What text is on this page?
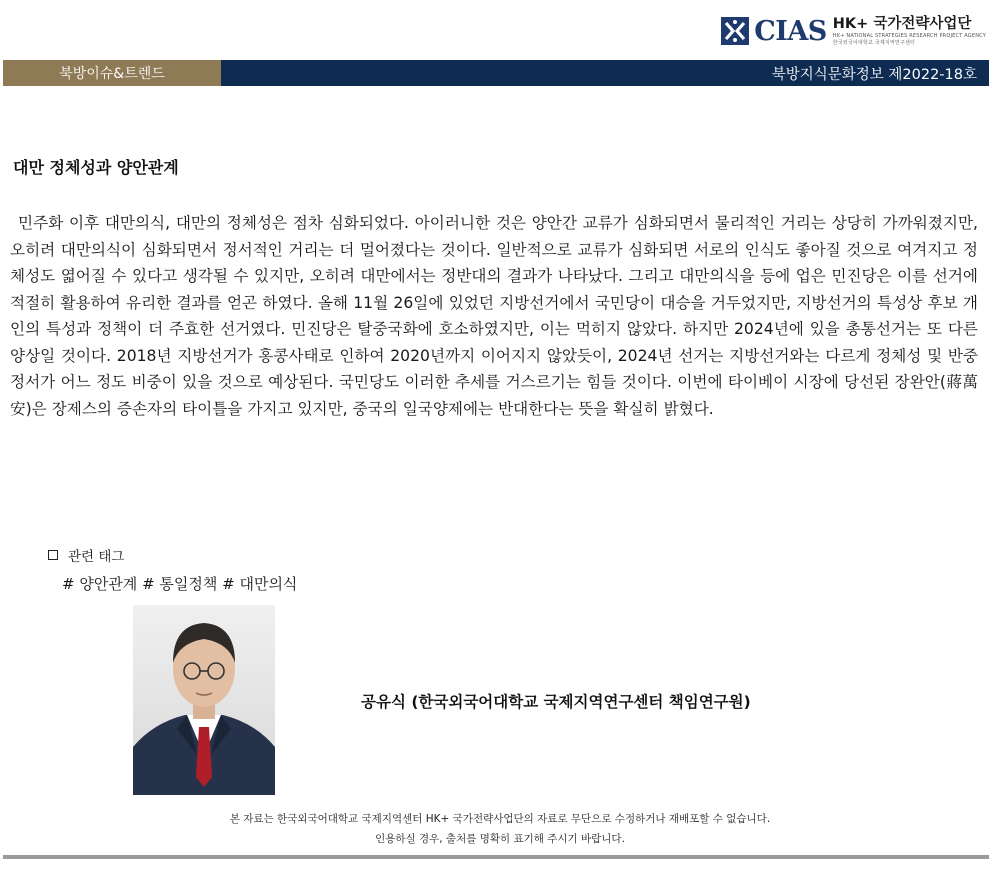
CIAS HK+ 국가전략사업단
HK+ NATIONAL STRATEGIES RESEARCH PROJECT AGENCY
한국외국어대학교 국제지역연구센터
북방이슈&트렌드	북방지식문화정보 제2022-18호
대만 정체성과 양안관계

민주화 이후 대만의식, 대만의 정체성은 점차 심화되었다. 아이러니한 것은 양안간 교류가 심화되면서 물리적인 거리는 상당히 가까워졌지만, 오히려 대만의식이 심화되면서 정서적인 거리는 더 멀어졌다는 것이다. 일반적으로 교류가 심화되면 서로의 인식도 좋아질 것으로 여겨지고 정체성도 엷어질 수 있다고 생각될 수 있지만, 오히려 대만에서는 정반대의 결과가 나타났다. 그리고 대만의식을 등에 업은 민진당은 이를 선거에 적절히 활용하여 유리한 결과를 얻곤 하였다. 올해 11월 26일에 있었던 지방선거에서 국민당이 대승을 거두었지만, 지방선거의 특성상 후보 개인의 특성과 정책이 더 주효한 선거였다. 민진당은 탈중국화에 호소하였지만, 이는 먹히지 않았다. 하지만 2024년에 있을 총통선거는 또 다른 양상일 것이다. 2018년 지방선거가 홍콩사태로 인하여 2020년까지 이어지지 않았듯이, 2024년 선거는 지방선거와는 다르게 정체성 및 반중정서가 어느 정도 비중이 있을 것으로 예상된다. 국민당도 이러한 추세를 거스르기는 힘들 것이다. 이번에 타이베이 시장에 당선된 장완안(蔣萬安)은 장제스의 증손자의 타이틀을 가지고 있지만, 중국의 일국양제에는 반대한다는 뜻을 확실히 밝혔다.

관련 태그
# 양안관계 # 통일정책 # 대만의식
공유식 (한국외국어대학교 국제지역연구센터 책임연구원)
본 자료는 한국외국어대학교 국제지역센터 HK+ 국가전략사업단의 자료로 무단으로 수정하거나 재배포할 수 없습니다.
인용하실 경우, 출처를 명확히 표기해 주시기 바랍니다.
